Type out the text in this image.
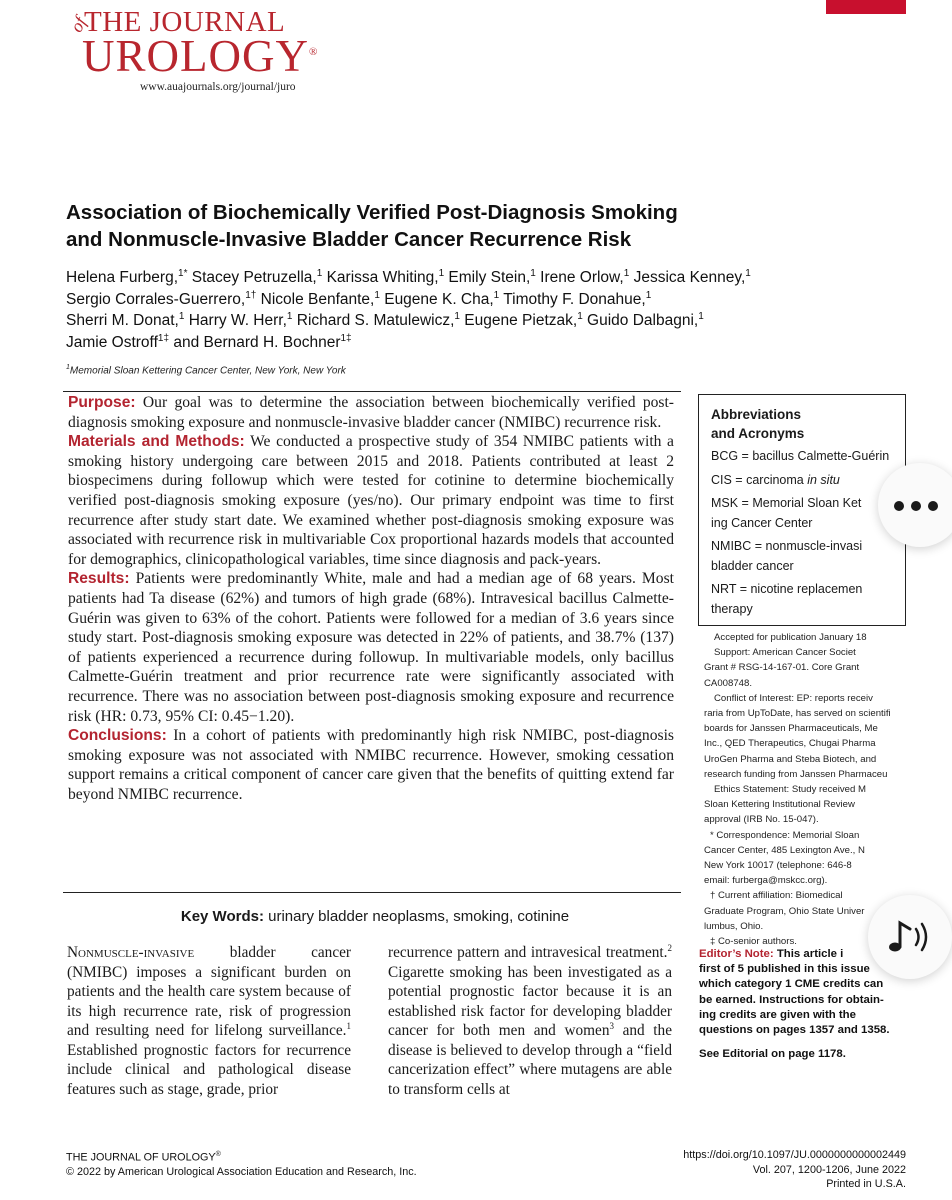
of
THE JOURNAL
UROLOGY®
www.auajournals.org/journal/juro
Association of Biochemically Verified Post-Diagnosis Smoking
and Nonmuscle-Invasive Bladder Cancer Recurrence Risk
Helena Furberg,$^{1*}$ Stacey Petruzella,$^1$ Karissa Whiting,$^1$ Emily Stein,$^1$ Irene Orlow,$^1$ Jessica Kenney,$^1$
Sergio Corrales-Guerrero,$^{1\dagger}$ Nicole Benfante,$^1$ Eugene K. Cha,$^1$ Timothy F. Donahue,$^1$
Sherri M. Donat,$^1$ Harry W. Herr,$^1$ Richard S. Matulewicz,$^1$ Eugene Pietzak,$^1$ Guido Dalbagni,$^1$
Jamie Ostroff$^{1\ddagger}$ and Bernard H. Bochner$^{1\ddagger}$
$^1$Memorial Sloan Kettering Cancer Center, New York, New York

Purpose: Our goal was to determine the association between biochemically verified post-diagnosis smoking exposure and nonmuscle-invasive bladder cancer (NMIBC) recurrence risk.

Materials and Methods: We conducted a prospective study of 354 NMIBC patients with a smoking history undergoing care between 2015 and 2018. Patients contributed at least 2 biospecimens during followup which were tested for cotinine to determine biochemically verified post-diagnosis smoking exposure (yes/no). Our primary endpoint was time to first recurrence after study start date. We examined whether post-diagnosis smoking exposure was associated with recurrence risk in multivariable Cox proportional hazards models that accounted for demographics, clinicopathological variables, time since diagnosis and pack-years.

Results: Patients were predominantly White, male and had a median age of 68 years. Most patients had Ta disease (62%) and tumors of high grade (68%). Intravesical bacillus Calmette-Guérin was given to 63% of the cohort. Patients were followed for a median of 3.6 years since study start. Post-diagnosis smoking exposure was detected in 22% of patients, and 38.7% (137) of patients experienced a recurrence during followup. In multivariable models, only bacillus Calmette-Guérin treatment and prior recurrence rate were significantly associated with recurrence. There was no association between post-diagnosis smoking exposure and recurrence risk (HR: 0.73, 95% CI: 0.45−1.20).

Conclusions: In a cohort of patients with predominantly high risk NMIBC, post-diagnosis smoking exposure was not associated with NMIBC recurrence. However, smoking cessation support remains a critical component of cancer care given that the benefits of quitting extend far beyond NMIBC recurrence.

Key Words: urinary bladder neoplasms, smoking, cotinine
Nonmuscle-invasive bladder cancer (NMIBC) imposes a significant burden on patients and the health care system because of its high recurrence rate, risk of progression and resulting need for lifelong surveillance.$^1$ Established prognostic factors for recurrence include clinical and pathological disease features such as stage, grade, prior
recurrence pattern and intravesical treatment.$^2$ Cigarette smoking has been investigated as a potential prognostic factor because it is an established risk factor for developing bladder cancer for both men and women$^3$ and the disease is believed to develop through a “field cancerization effect” where mutagens are able to transform cells at
Abbreviations
and Acronyms
BCG = bacillus Calmette-Guérin
CIS = carcinoma in situ
MSK = Memorial Sloan Ket
ing Cancer Center
NMIBC = nonmuscle-invasi
bladder cancer
NRT = nicotine replacemen
therapy

Accepted for publication January 18

Support: American Cancer Societ

Grant # RSG-14-167-01. Core Grant

CA008748.

Conflict of Interest: EP: reports receiv

raria from UpToDate, has served on scientifi

boards for Janssen Pharmaceuticals, Me

Inc., QED Therapeutics, Chugai Pharma

UroGen Pharma and Steba Biotech, and

research funding from Janssen Pharmaceu

Ethics Statement: Study received M

Sloan Kettering Institutional Review

approval (IRB No. 15-047).

* Correspondence: Memorial Sloan

Cancer Center, 485 Lexington Ave., N

New York 10017 (telephone: 646-8

email: furberga@mskcc.org).

† Current affiliation: Biomedical

Graduate Program, Ohio State Univer

lumbus, Ohio.

‡ Co-senior authors.

Editor’s Note: This article i

first of 5 published in this issue

which category 1 CME credits can

be earned. Instructions for obtain-

ing credits are given with the

questions on pages 1357 and 1358.

See Editorial on page 1178.
THE JOURNAL OF UROLOGY®
© 2022 by American Urological Association Education and Research, Inc.
https://doi.org/10.1097/JU.0000000000002449
Vol. 207, 1200-1206, June 2022
Printed in U.S.A.
